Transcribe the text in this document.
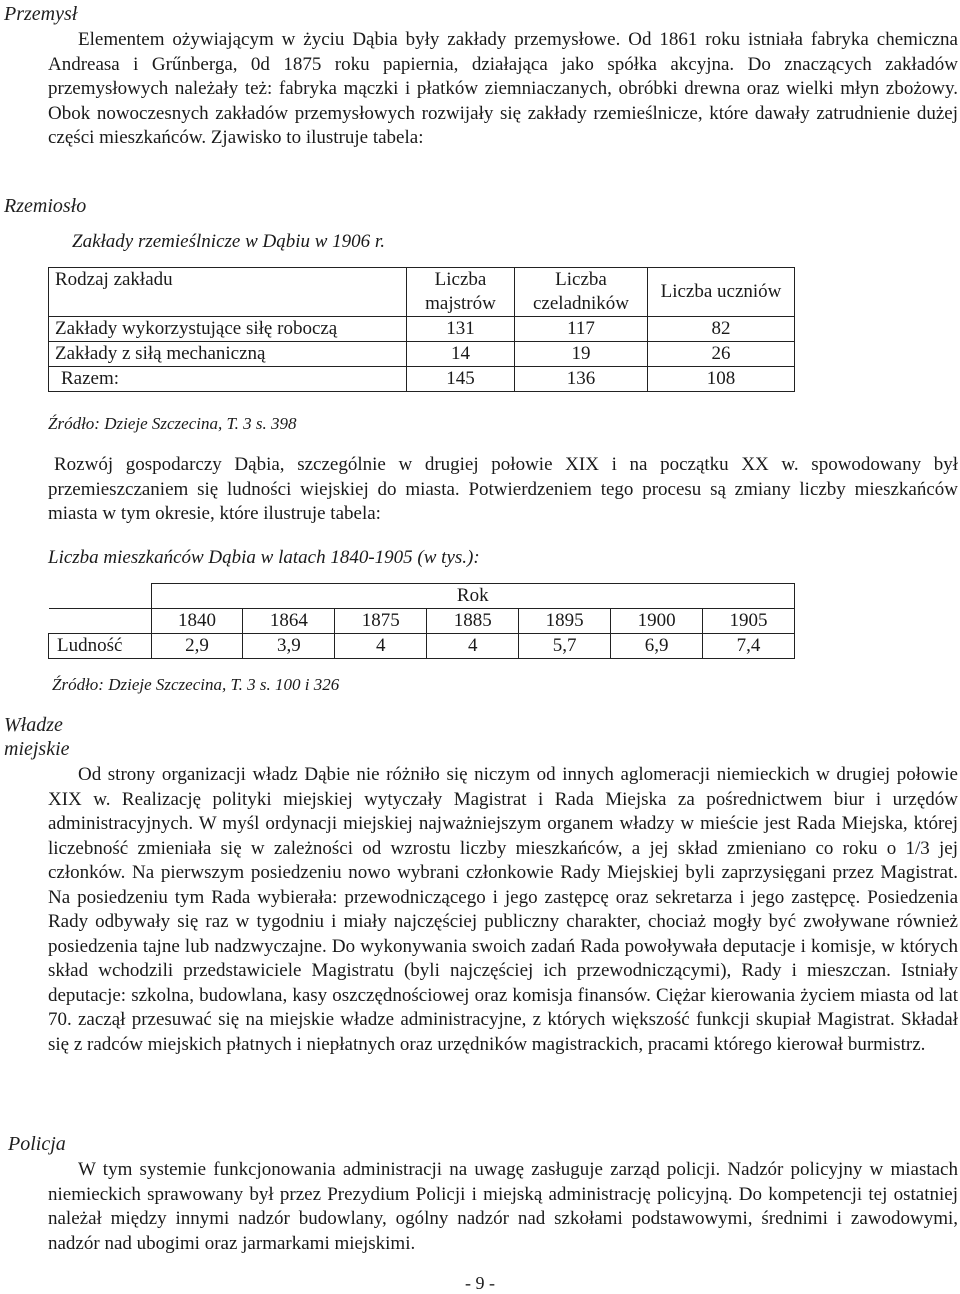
Przemysł
Elementem ożywiającym w życiu Dąbia były zakłady przemysłowe. Od 1861 roku istniała fabryka chemiczna Andreasa i Grűnberga, 0d 1875 roku papiernia, działająca jako spółka akcyjna. Do znaczących zakładów przemysłowych należały też: fabryka mączki i płatków ziemniaczanych, obróbki drewna oraz wielki młyn zbożowy. Obok nowoczesnych zakładów przemysłowych rozwijały się zakłady rzemieślnicze, które dawały zatrudnienie dużej części mieszkańców. Zjawisko to ilustruje tabela:
Rzemiosło
Zakłady rzemieślnicze w Dąbiu w 1906 r.
Rodzaj zakładu	Liczba majstrów	Liczba czeladników	Liczba uczniów
Zakłady wykorzystujące siłę roboczą	131	117	82
Zakłady z siłą mechaniczną	14	19	26
Razem:	145	136	108
Źródło: Dzieje Szczecina, T. 3 s. 398
Rozwój gospodarczy Dąbia, szczególnie w drugiej połowie XIX i na początku XX w. spowodowany był przemieszczaniem się ludności wiejskiej do miasta. Potwierdzeniem tego procesu są zmiany liczby mieszkańców miasta w tym okresie, które ilustruje tabela:
Liczba mieszkańców Dąbia w latach 1840-1905 (w tys.):
	Rok						
	1840	1864	1875	1885	1895	1900	1905
Ludność	2,9	3,9	4	4	5,7	6,9	7,4
Źródło: Dzieje Szczecina, T. 3 s. 100 i 326
Władze miejskie
Od strony organizacji władz Dąbie nie różniło się niczym od innych aglomeracji niemieckich w drugiej połowie XIX w. Realizację polityki miejskiej wytyczały Magistrat i Rada Miejska za pośrednictwem biur i urzędów administracyjnych. W myśl ordynacji miejskiej najważniejszym organem władzy w mieście jest Rada Miejska, której liczebność zmieniała się w zależności od wzrostu liczby mieszkańców, a jej skład zmieniano co roku o 1/3 jej członków. Na pierwszym posiedzeniu nowo wybrani członkowie Rady Miejskiej byli zaprzysięgani przez Magistrat. Na posiedzeniu tym Rada wybierała: przewodniczącego i jego zastępcę oraz sekretarza i jego zastępcę. Posiedzenia Rady odbywały się raz w tygodniu i miały najczęściej publiczny charakter, chociaż mogły być zwoływane również posiedzenia tajne lub nadzwyczajne. Do wykonywania swoich zadań Rada powoływała deputacje i komisje, w których skład wchodzili przedstawiciele Magistratu (byli najczęściej ich przewodniczącymi), Rady i mieszczan. Istniały deputacje: szkolna, budowlana, kasy oszczędnościowej oraz komisja finansów. Ciężar kierowania życiem miasta od lat 70. zaczął przesuwać się na miejskie władze administracyjne, z których większość funkcji skupiał Magistrat. Składał się z radców miejskich płatnych i niepłatnych oraz urzędników magistrackich, pracami którego kierował burmistrz.
Policja
W tym systemie funkcjonowania administracji na uwagę zasługuje zarząd policji. Nadzór policyjny w miastach niemieckich sprawowany był przez Prezydium Policji i miejską administrację policyjną. Do kompetencji tej ostatniej należał między innymi nadzór budowlany, ogólny nadzór nad szkołami podstawowymi, średnimi i zawodowymi, nadzór nad ubogimi oraz jarmarkami miejskimi.
- 9 -
